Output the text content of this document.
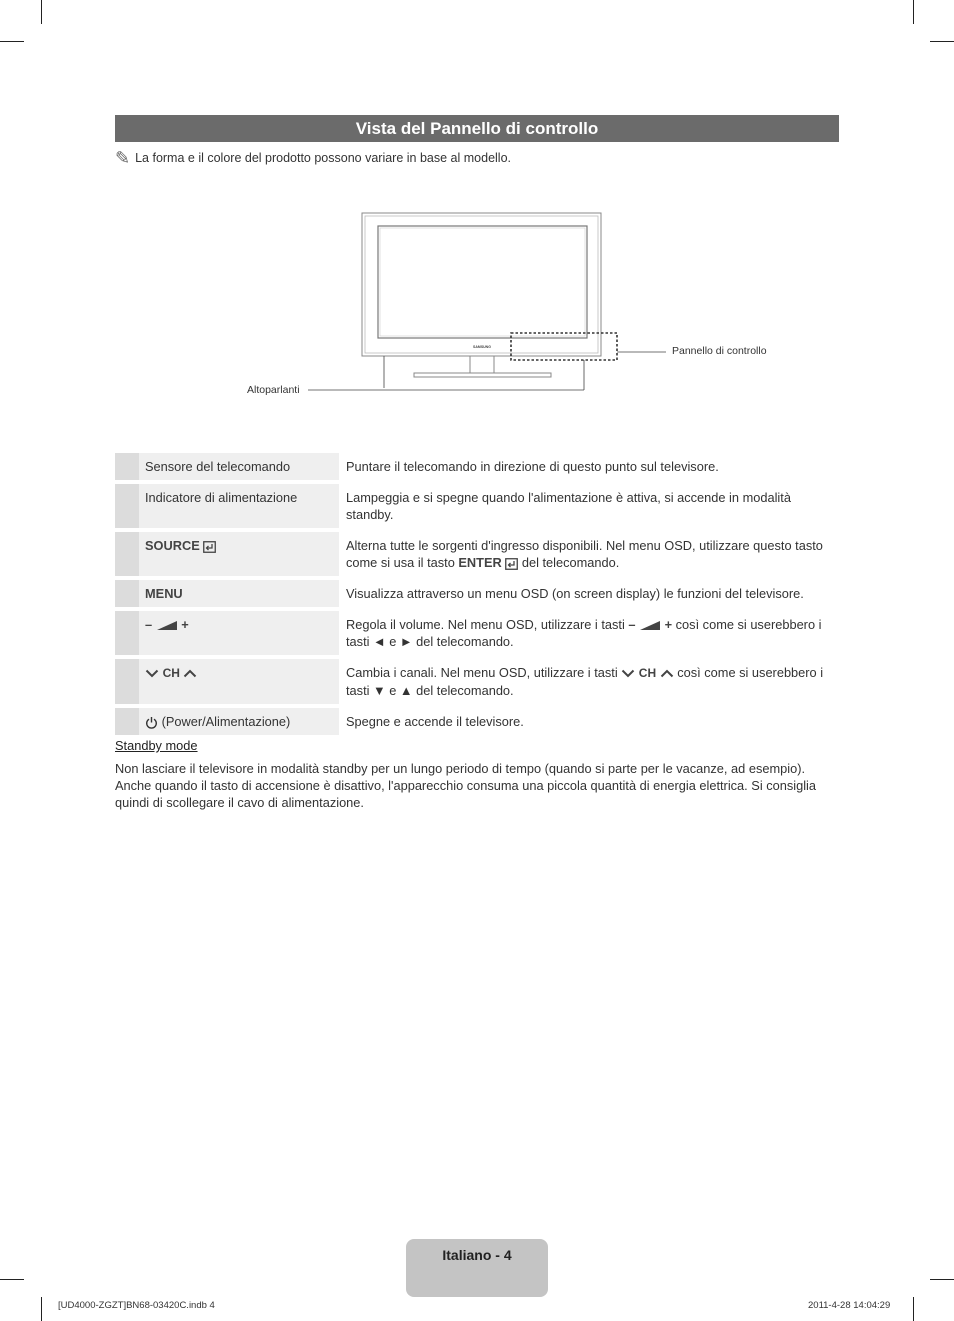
Vista del Pannello di controllo
✎ La forma e il colore del prodotto possono variare in base al modello.
SAMSUNG	Pannello di controllo
Altoparlanti
	Sensore del telecomando	Puntare il telecomando in direzione di questo punto sul televisore.
	Indicatore di alimentazione	Lampeggia e si spegne quando l'alimentazione è attiva, si accende in modalità standby.
	SOURCE	Alterna tutte le sorgenti d'ingresso disponibili. Nel menu OSD, utilizzare questo tasto come si usa il tasto ENTER  del telecomando.
	MENU	Visualizza attraverso un menu OSD (on screen display) le funzioni del televisore.
	– +	Regola il volume. Nel menu OSD, utilizzare i tasti – + così come si userebbero i tasti ◄ e ► del telecomando.
	CH	Cambia i canali. Nel menu OSD, utilizzare i tasti  CH  così come si userebbero i tasti ▼ e ▲ del telecomando.
	(Power/Alimentazione)	Spegne e accende il televisore.
Standby mode
Non lasciare il televisore in modalità standby per un lungo periodo di tempo (quando si parte per le vacanze, ad esempio). Anche quando il tasto di accensione è disattivo, l'apparecchio consuma una piccola quantità di energia elettrica. Si consiglia quindi di scollegare il cavo di alimentazione.
Italiano - 4
[UD4000-ZGZT]BN68-03420C.indb 4	2011-4-28 14:04:29
